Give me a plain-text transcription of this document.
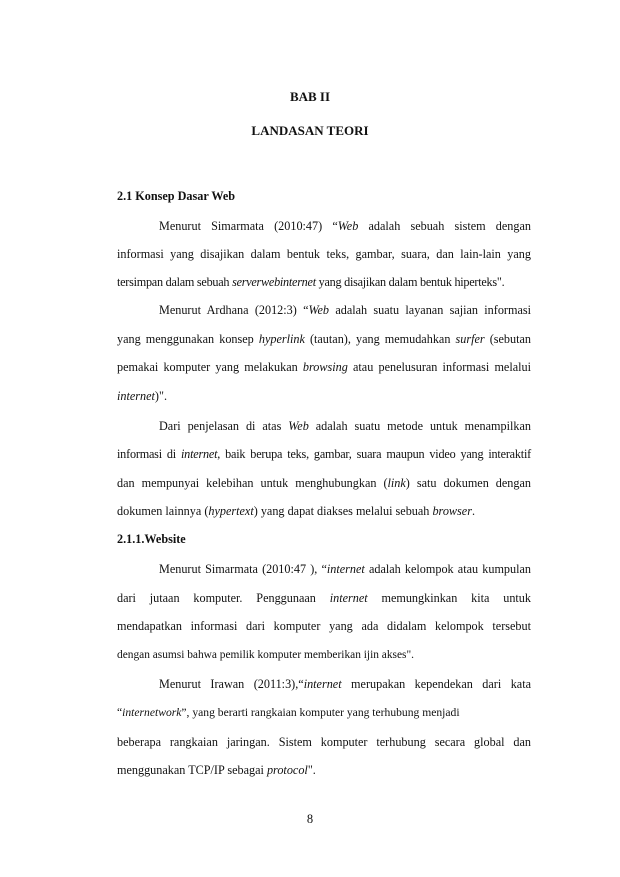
BAB II
LANDASAN TEORI
2.1 Konsep Dasar Web
Menurut Simarmata (2010:47) “Web adalah sebuah sistem dengan
informasi yang disajikan dalam bentuk teks, gambar, suara, dan lain-lain yang
tersimpan dalam sebuah serverwebinternet yang disajikan dalam bentuk hiperteks".
Menurut Ardhana (2012:3) “Web adalah suatu layanan sajian informasi
yang menggunakan konsep hyperlink (tautan), yang memudahkan surfer (sebutan
pemakai komputer yang melakukan browsing atau penelusuran informasi melalui
internet)".
Dari penjelasan di atas Web adalah suatu metode untuk menampilkan
informasi di internet, baik berupa teks, gambar, suara maupun video yang interaktif
dan mempunyai kelebihan untuk menghubungkan (link) satu dokumen dengan
dokumen lainnya (hypertext) yang dapat diakses melalui sebuah browser.
2.1.1.Website
Menurut Simarmata (2010:47 ), “internet adalah kelompok atau kumpulan
dari jutaan komputer. Penggunaan internet memungkinkan kita untuk
mendapatkan informasi dari komputer yang ada didalam kelompok tersebut
dengan asumsi bahwa pemilik komputer memberikan ijin akses".
Menurut Irawan (2011:3),“internet merupakan kependekan dari kata
“internetwork”, yang berarti rangkaian komputer yang terhubung menjadi
beberapa rangkaian jaringan. Sistem komputer terhubung secara global dan
menggunakan TCP/IP sebagai protocol".
8
